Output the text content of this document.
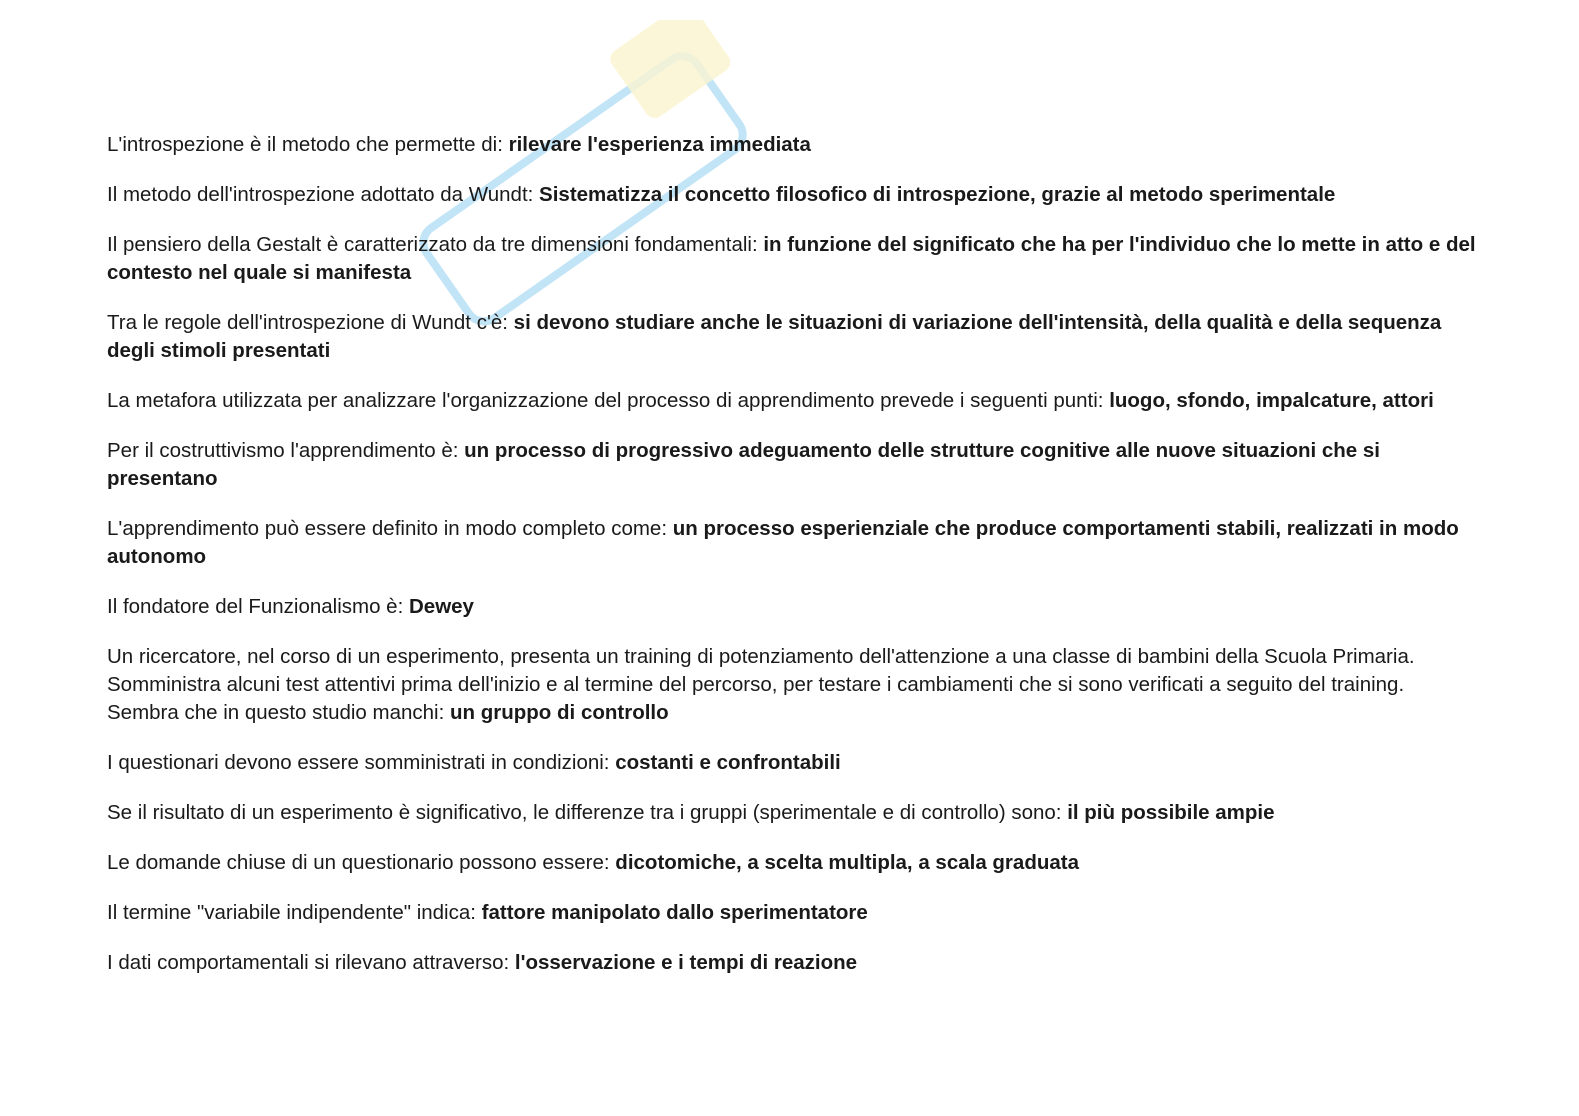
L'introspezione è il metodo che permette di: rilevare l'esperienza immediata

Il metodo dell'introspezione adottato da Wundt: Sistematizza il concetto filosofico di introspezione, grazie al metodo sperimentale

Il pensiero della Gestalt è caratterizzato da tre dimensioni fondamentali: in funzione del significato che ha per l'individuo che lo mette in atto e del contesto nel quale si manifesta

Tra le regole dell'introspezione di Wundt c'è: si devono studiare anche le situazioni di variazione dell'intensità, della qualità e della sequenza degli stimoli presentati

La metafora utilizzata per analizzare l'organizzazione del processo di apprendimento prevede i seguenti punti: luogo, sfondo, impalcature, attori

Per il costruttivismo l'apprendimento è: un processo di progressivo adeguamento delle strutture cognitive alle nuove situazioni che si presentano

L'apprendimento può essere definito in modo completo come: un processo esperienziale che produce comportamenti stabili, realizzati in modo autonomo

Il fondatore del Funzionalismo è: Dewey

Un ricercatore, nel corso di un esperimento, presenta un training di potenziamento dell'attenzione a una classe di bambini della Scuola Primaria. Somministra alcuni test attentivi prima dell'inizio e al termine del percorso, per testare i cambiamenti che si sono verificati a seguito del training. Sembra che in questo studio manchi: un gruppo di controllo

I questionari devono essere somministrati in condizioni: costanti e confrontabili

Se il risultato di un esperimento è significativo, le differenze tra i gruppi (sperimentale e di controllo) sono: il più possibile ampie

Le domande chiuse di un questionario possono essere: dicotomiche, a scelta multipla, a scala graduata

Il termine "variabile indipendente" indica: fattore manipolato dallo sperimentatore

I dati comportamentali si rilevano attraverso: l'osservazione e i tempi di reazione
